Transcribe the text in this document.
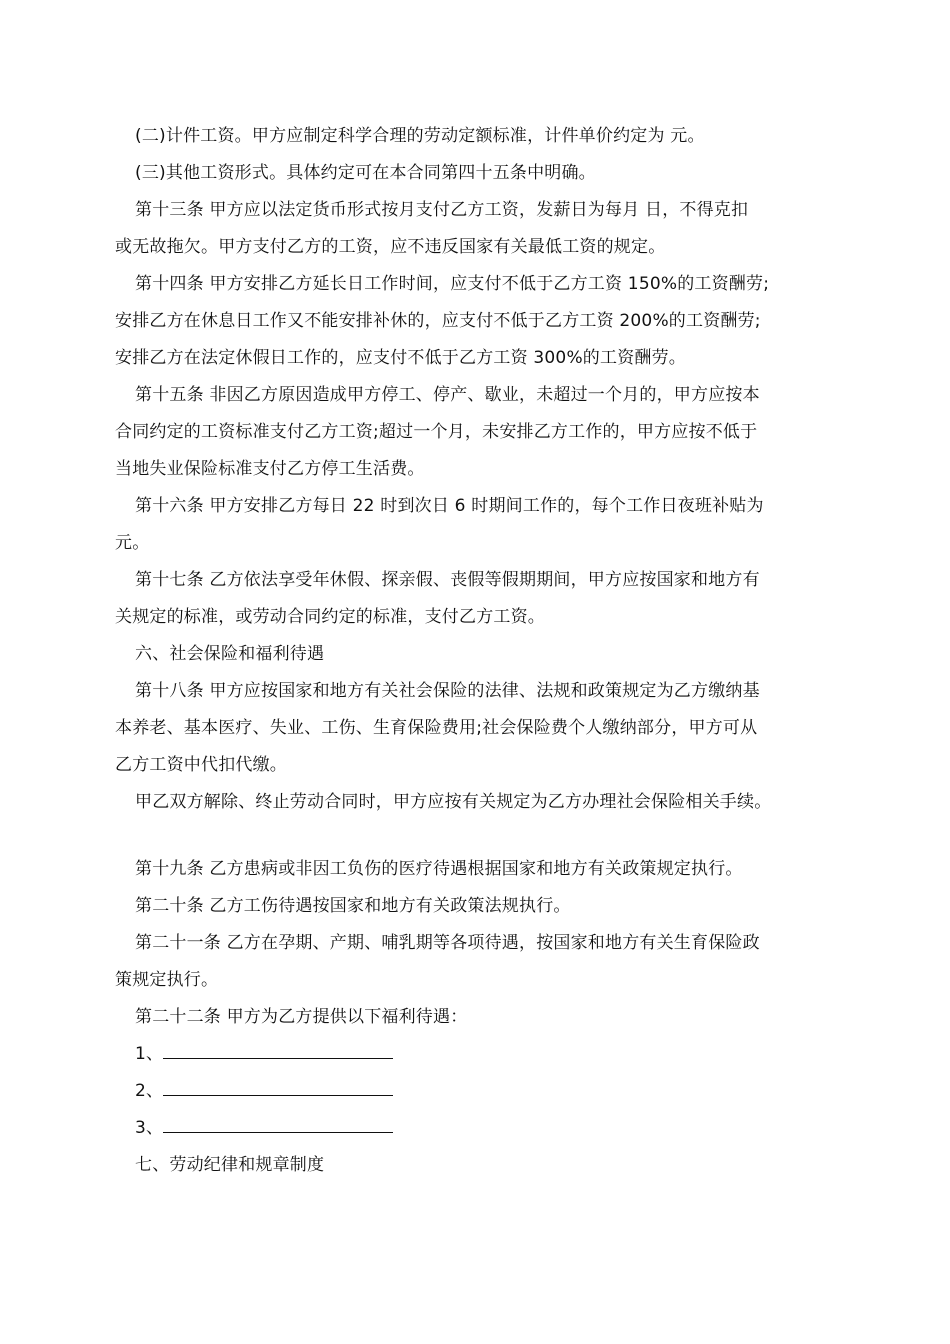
(二)计件工资。甲方应制定科学合理的劳动定额标准，计件单价约定为 元。
(三)其他工资形式。具体约定可在本合同第四十五条中明确。
第十三条 甲方应以法定货币形式按月支付乙方工资，发薪日为每月 日，不得克扣
或无故拖欠。甲方支付乙方的工资，应不违反国家有关最低工资的规定。
第十四条 甲方安排乙方延长日工作时间，应支付不低于乙方工资 150%的工资酬劳;
安排乙方在休息日工作又不能安排补休的，应支付不低于乙方工资 200%的工资酬劳;
安排乙方在法定休假日工作的，应支付不低于乙方工资 300%的工资酬劳。
第十五条 非因乙方原因造成甲方停工、停产、歇业，未超过一个月的，甲方应按本
合同约定的工资标准支付乙方工资;超过一个月，未安排乙方工作的，甲方应按不低于
当地失业保险标准支付乙方停工生活费。
第十六条 甲方安排乙方每日 22 时到次日 6 时期间工作的，每个工作日夜班补贴为
元。
第十七条 乙方依法享受年休假、探亲假、丧假等假期期间，甲方应按国家和地方有
关规定的标准，或劳动合同约定的标准，支付乙方工资。
六、社会保险和福利待遇
第十八条 甲方应按国家和地方有关社会保险的法律、法规和政策规定为乙方缴纳基
本养老、基本医疗、失业、工伤、生育保险费用;社会保险费个人缴纳部分，甲方可从
乙方工资中代扣代缴。
甲乙双方解除、终止劳动合同时，甲方应按有关规定为乙方办理社会保险相关手续。
第十九条 乙方患病或非因工负伤的医疗待遇根据国家和地方有关政策规定执行。
第二十条 乙方工伤待遇按国家和地方有关政策法规执行。
第二十一条 乙方在孕期、产期、哺乳期等各项待遇，按国家和地方有关生育保险政
策规定执行。
第二十二条 甲方为乙方提供以下福利待遇：
1、
2、
3、
七、劳动纪律和规章制度
